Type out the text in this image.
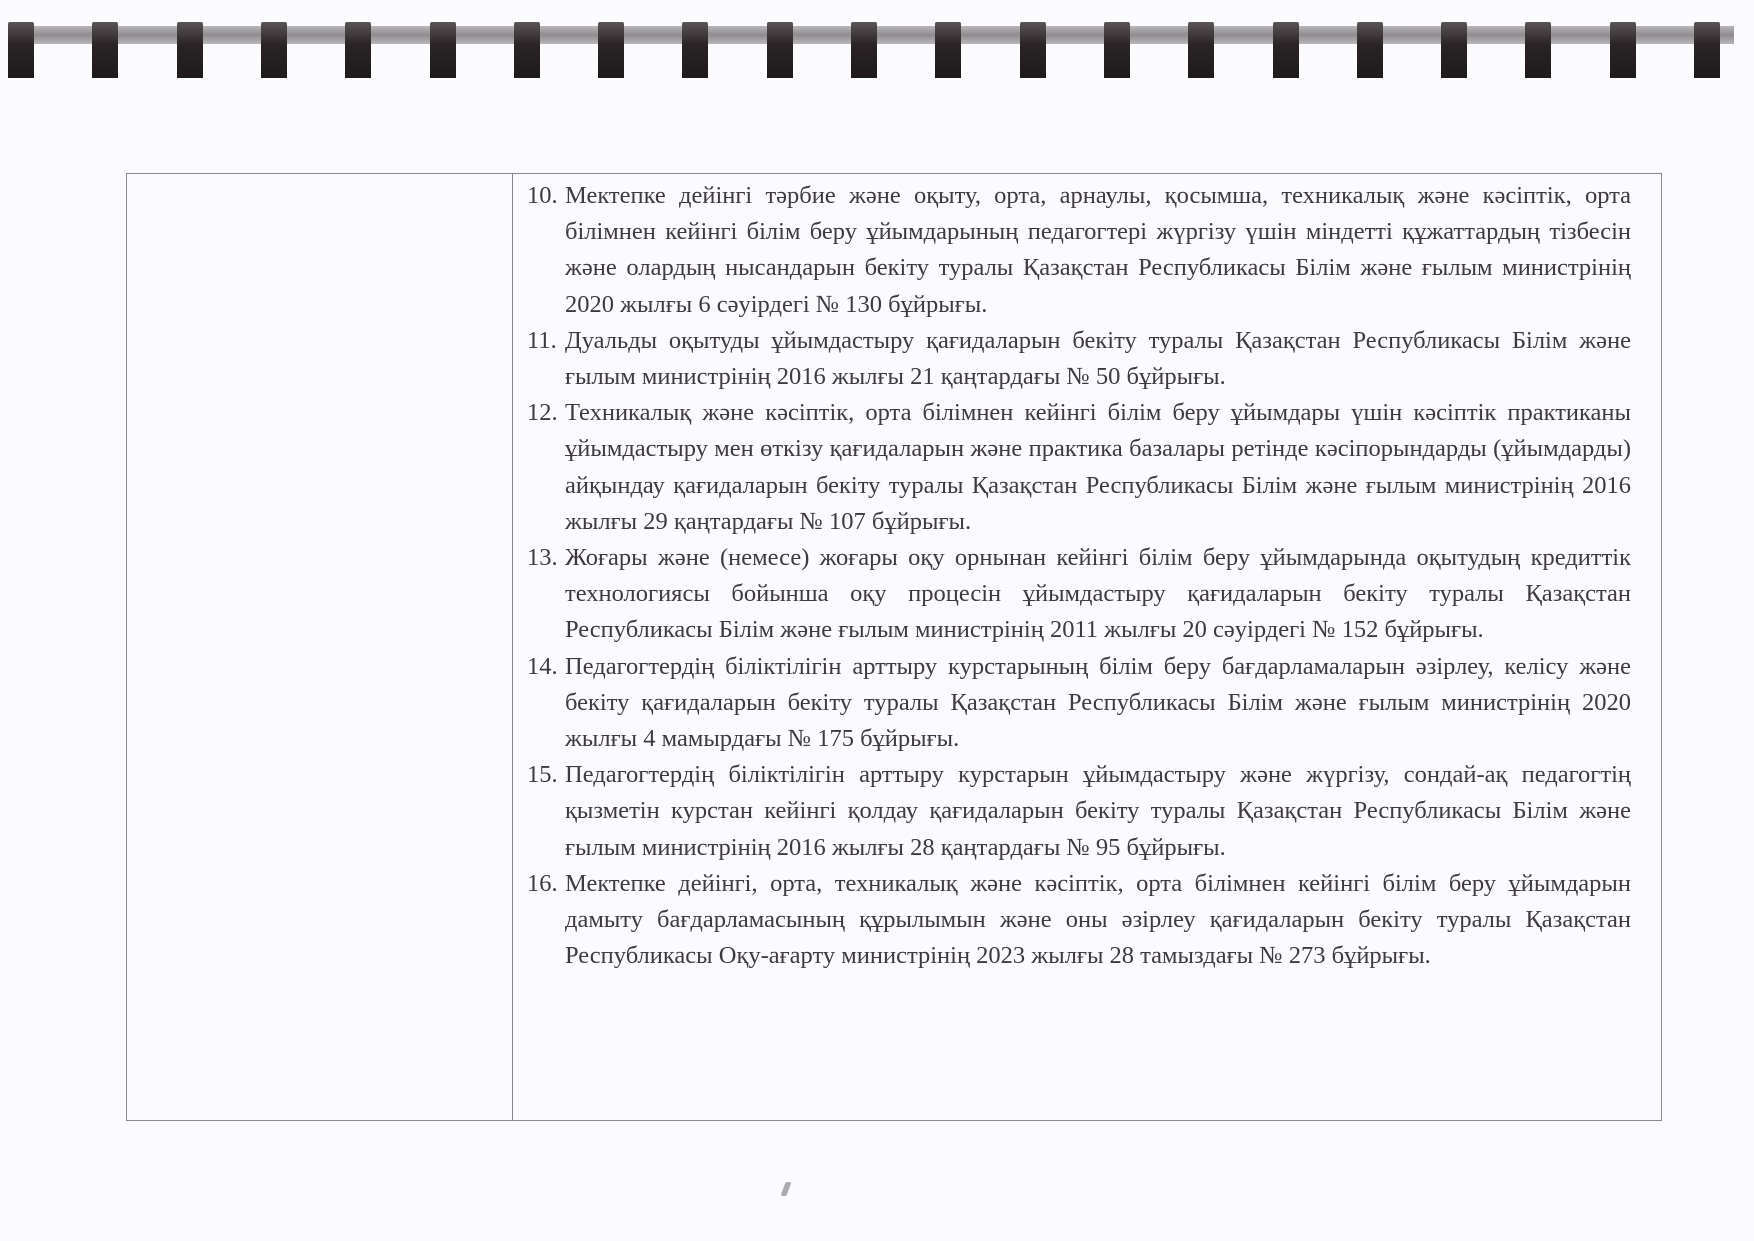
10. Мектепке дейінгі тәрбие және оқыту, орта, арнаулы, қосымша, техникалық және кәсіптік, орта білімнен кейінгі білім беру ұйымдарының педагогтері жүргізу үшін міндетті құжаттардың тізбесін және олардың нысандарын бекіту туралы Қазақстан Республикасы Білім және ғылым министрінің 2020 жылғы 6 сәуірдегі № 130 бұйрығы.
11. Дуальды оқытуды ұйымдастыру қағидаларын бекіту туралы Қазақстан Республикасы Білім және ғылым министрінің 2016 жылғы 21 қаңтардағы № 50 бұйрығы.
12. Техникалық және кәсіптік, орта білімнен кейінгі білім беру ұйымдары үшін кәсіптік практиканы ұйымдастыру мен өткізу қағидаларын және практика базалары ретінде кәсіпорындарды (ұйымдарды) айқындау қағидаларын бекіту туралы Қазақстан Республикасы Білім және ғылым министрінің 2016 жылғы 29 қаңтардағы № 107 бұйрығы.
13. Жоғары және (немесе) жоғары оқу орнынан кейінгі білім беру ұйымдарында оқытудың кредиттік технологиясы бойынша оқу процесін ұйымдастыру қағидаларын бекіту туралы Қазақстан Республикасы Білім және ғылым министрінің 2011 жылғы 20 сәуірдегі № 152 бұйрығы.
14. Педагогтердің біліктілігін арттыру курстарының білім беру бағдарламаларын әзірлеу, келісу және бекіту қағидаларын бекіту туралы Қазақстан Республикасы Білім және ғылым министрінің 2020 жылғы 4 мамырдағы № 175 бұйрығы.
15. Педагогтердің біліктілігін арттыру курстарын ұйымдастыру және жүргізу, сондай-ақ педагогтің қызметін курстан кейінгі қолдау қағидаларын бекіту туралы Қазақстан Республикасы Білім және ғылым министрінің 2016 жылғы 28 қаңтардағы № 95 бұйрығы.
16. Мектепке дейінгі, орта, техникалық және кәсіптік, орта білімнен кейінгі білім беру ұйымдарын дамыту бағдарламасының құрылымын және оны әзірлеу қағидаларын бекіту туралы Қазақстан Республикасы Оқу-ағарту министрінің 2023 жылғы 28 тамыздағы № 273 бұйрығы.
